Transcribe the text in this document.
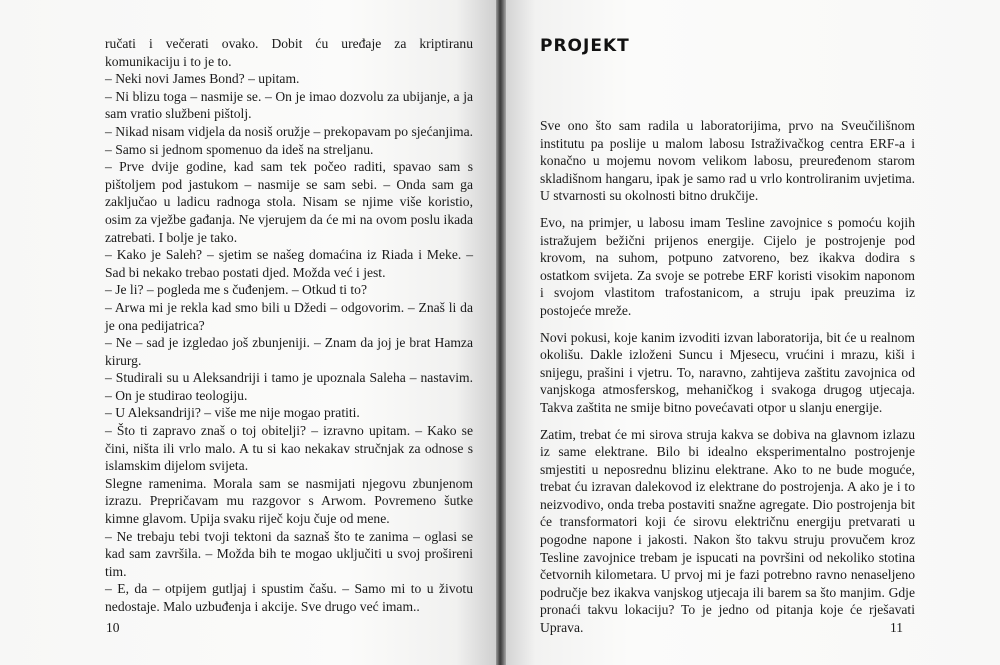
ručati i večerati ovako. Dobit ću uređaje za kriptiranu komunikaciju i to je to.

– Neki novi James Bond? – upitam.

– Ni blizu toga – nasmije se. – On je imao dozvolu za ubijanje, a ja sam vratio službeni pištolj.

– Nikad nisam vidjela da nosiš oružje – prekopavam po sjećanjima. – Samo si jednom spomenuo da ideš na streljanu.

– Prve dvije godine, kad sam tek počeo raditi, spavao sam s pištoljem pod jastukom – nasmije se sam sebi. – Onda sam ga zaključao u ladicu radnoga stola. Nisam se njime više koristio, osim za vježbe gađanja. Ne vjerujem da će mi na ovom poslu ikada zatrebati. I bolje je tako.

– Kako je Saleh? – sjetim se našeg domaćina iz Riada i Meke. – Sad bi nekako trebao postati djed. Možda već i jest.

– Je li? – pogleda me s čuđenjem. – Otkud ti to?

– Arwa mi je rekla kad smo bili u Džedi – odgovorim. – Znaš li da je ona pedijatrica?

– Ne – sad je izgledao još zbunjeniji. – Znam da joj je brat Hamza kirurg.

– Studirali su u Aleksandriji i tamo je upoznala Saleha – nastavim. – On je studirao teologiju.

– U Aleksandriji? – više me nije mogao pratiti.

– Što ti zapravo znaš o toj obitelji? – izravno upitam. – Kako se čini, ništa ili vrlo malo. A tu si kao nekakav stručnjak za odnose s islamskim dijelom svijeta.

Slegne ramenima. Morala sam se nasmijati njegovu zbunjenom izrazu. Prepričavam mu razgovor s Arwom. Povremeno šutke kimne glavom. Upija svaku riječ koju čuje od mene.

– Ne trebaju tebi tvoji tektoni da saznaš što te zanima – oglasi se kad sam završila. – Možda bih te mogao uključiti u svoj prošireni tim.

– E, da – otpijem gutljaj i spustim čašu. – Samo mi to u životu nedostaje. Malo uzbuđenja i akcije. Sve drugo već imam..

10
PROJEKT

Sve ono što sam radila u laboratorijima, prvo na Sveučilišnom institutu pa poslije u malom labosu Istraživačkog centra ERF-a i konačno u mojemu novom velikom labosu, preuređenom starom skladišnom hangaru, ipak je samo rad u vrlo kontroliranim uvjetima. U stvarnosti su okolnosti bitno drukčije.

Evo, na primjer, u labosu imam Tesline zavojnice s pomoću kojih istražujem bežični prijenos energije. Cijelo je postrojenje pod krovom, na suhom, potpuno zatvoreno, bez ikakva dodira s ostatkom svijeta. Za svoje se potrebe ERF koristi visokim naponom i svojom vlastitom trafostanicom, a struju ipak preuzima iz postojeće mreže.

Novi pokusi, koje kanim izvoditi izvan laboratorija, bit će u realnom okolišu. Dakle izloženi Suncu i Mjesecu, vrućini i mrazu, kiši i snijegu, prašini i vjetru. To, naravno, zahtijeva zaštitu zavojnica od vanjskoga atmosferskog, mehaničkog i svakoga drugog utjecaja. Takva zaštita ne smije bitno povećavati otpor u slanju energije.

Zatim, trebat će mi sirova struja kakva se dobiva na glavnom izlazu iz same elektrane. Bilo bi idealno eksperimentalno postrojenje smjestiti u neposrednu blizinu elektrane. Ako to ne bude moguće, trebat ću izravan dalekovod iz elektrane do postrojenja. A ako je i to neizvodivo, onda treba postaviti snažne agregate. Dio postrojenja bit će transformatori koji će sirovu električnu energiju pretvarati u pogodne napone i jakosti. Nakon što takvu struju provučem kroz Tesline zavojnice trebam je ispucati na površini od nekoliko stotina četvornih kilometara. U prvoj mi je fazi potrebno ravno nenaseljeno područje bez ikakva vanjskog utjecaja ili barem sa što manjim. Gdje pronaći takvu lokaciju? To je jedno od pitanja koje će rješavati Uprava.	11
